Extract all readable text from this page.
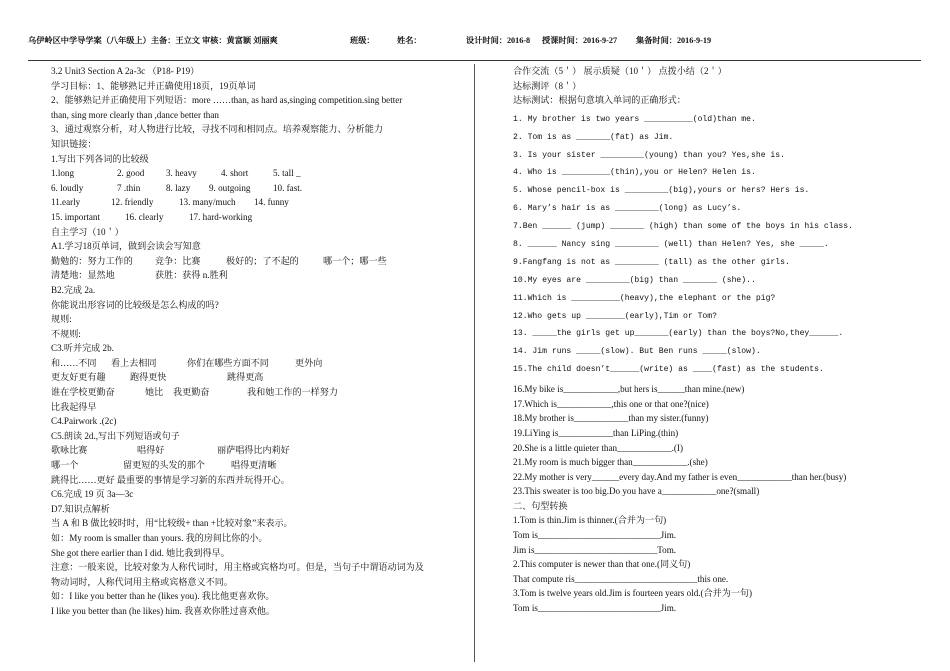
乌伊岭区中学导学案（八年级上）主备：王立文 审核：黄富颖 刘丽爽	班级：	姓名：	设计时间：2016-8 授课时间：2016-9-27 集备时间：2016-9-19
3.2 Unit3 Section A 2a-3c （P18- P19）
学习目标：1、能够熟记并正确使用18页，19页单词
2、能够熟记并正确使用下列短语：more ……than, as hard as,singing competition.sing better
than, sing more clearly than ,dance better than
3、通过观察分析，对人物进行比较，寻找不同和相同点。培养观察能力、分析能力
知识链接：
1.写出下列各词的比较级
1.long	2. good 3. heavy	4. short	5. tall _
6. loudly	7 .thin	8. lazy 9. outgoing 10. fast.
11.early	12. friendly	13. many/much 14. funny
15. important	16. clearly	17. hard-working
自主学习（10＇）
A1.学习18页单词，做到会读会写知意
勤勉的：努力工作的 竞争：比赛	极好的；了不起的	哪一个；哪一些
清楚地：显然地	获胜：获得 n.胜利
B2.完成 2a.
你能说出形容词的比较级是怎么构成的吗?
规则:
不规则:
C3.听并完成 2b.
和……不同 看上去相同	你们在哪些方面不同	更外向
更友好更有趣	跑得更快	跳得更高
谁在学校更勤奋	她比 我更勤奋	我和她工作的一样努力
比我起得早
C4.Pairwork .(2c)
C5.朗读 2d.,写出下列短语或句子
歌咏比赛	唱得好	丽萨唱得比内莉好
哪一个	留更短的头发的那个	唱得更清晰
跳得比……更好 最重要的事情是学习新的东西并玩得开心。
C6.完成 19 页 3a—3c
D7.知识点解析
当 A 和 B 做比较时时，用“比较级+ than +比较对象”来表示。
如：My room is smaller than yours. 我的房间比你的小。
She got there earlier than I did. 她比我到得早。
注意：一般来说，比较对象为人称代词时，用主格或宾格均可。但是，当句子中谓语动词为及
物动词时，人称代词用主格或宾格意义不同。
如：I like you better than he (likes you). 我比他更喜欢你。
I like you better than (he likes) him. 我喜欢你胜过喜欢他。
合作交流（5＇） 展示质疑（10＇） 点拨小结（2＇）
达标测评（8＇）
达标测试：根据句意填入单词的正确形式：
1. My brother is two years __________(old)than me.
2. Tom is as _______(fat) as Jim.
3. Is your sister _________(young) than you? Yes,she is.
4. Who is __________(thin),you or Helen? Helen is.
5. Whose pencil-box is _________(big),yours or hers? Hers is.
6. Mary’s hair is as _________(long) as Lucy’s.
7.Ben ______ (jump) _______ (high) than some of the boys in his class.
8. ______ Nancy sing _________ (well) than Helen? Yes, she _____.
9.Fangfang is not as _________ (tall) as the other girls.
10.My eyes are _________(big) than _______ (she)..
11.Which is __________(heavy),the elephant or the pig?
12.Who gets up ________(early),Tim or Tom?
13. _____the girls get up_______(early) than the boys?No,they______.
14. Jim runs _____(slow). But Ben runs _____(slow).
15.The child doesn’t______(write) as ____(fast) as the students.
16.My bike is____________,but hers is______than mine.(new)
17.Which is____________,this one or that one?(nice)
18.My brother is____________than my sister.(funny)
19.LiYing is____________than LiPing.(thin)
20.She is a little quieter than____________.(I)
21.My room is much bigger than____________.(she)
22.My mother is very______every day.And my father is even____________than her.(busy)
23.This sweater is too big.Do you have a____________one?(small)
二、句型转换
1.Tom is thin.Jim is thinner.(合并为一句)
Tom is___________________________Jim.
Jim is___________________________Tom.
2.This computer is newer than that one.(同义句)
That compute ris___________________________this one.
3.Tom is twelve years old.Jim is fourteen years old.(合并为一句)
Tom is___________________________Jim.
